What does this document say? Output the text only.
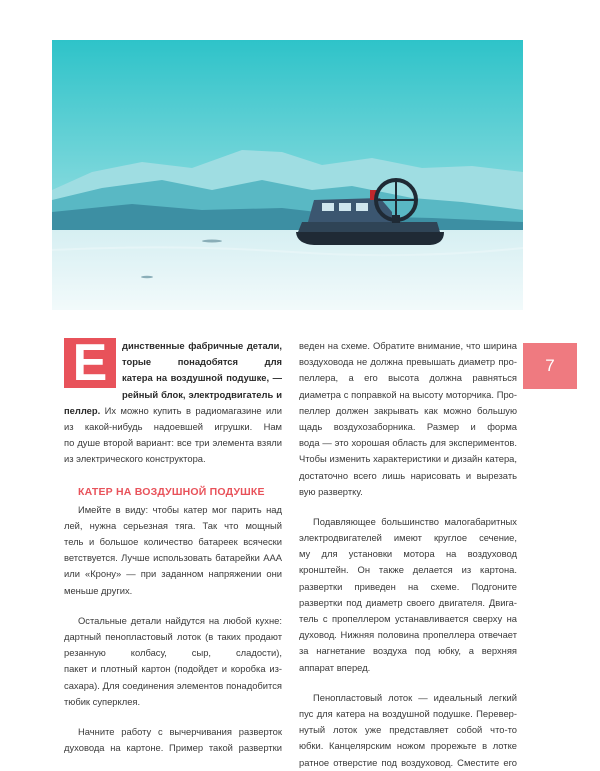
7
Е	динственные фабричные детали,
торые понадобятся для
катера на воздушной подушке, —
рейный блок, электродвигатель и
пеллер. Их можно купить в радиомагазине или
из какой-нибудь надоевшей игрушки. Нам
по душе второй вариант: все три элемента взяли
из электрического конструктора.
КАТЕР НА ВОЗДУШНОЙ ПОДУШКЕ
Имейте в виду: чтобы катер мог парить над
лей, нужна серьезная тяга. Так что мощный
тель и большое количество батареек всячески
ветствуется. Лучше использовать батарейки AAA
или «Крону» — при заданном напряжении они
меньше других.
Остальные детали найдутся на любой кухне:
дартный пенопластовый лоток (в таких продают
резанную колбасу, сыр, сладости),
пакет и плотный картон (подойдет и коробка из-
сахара). Для соединения элементов понадобится
тюбик суперклея.
Начните работу с вычерчивания разверток
духовода на картоне. Пример такой развертки
веден на схеме. Обратите внимание, что ширина
воздуховода не должна превышать диаметр про-
пеллера, а его высота должна равняться
диаметра с поправкой на высоту моторчика. Про-
пеллер должен закрывать как можно большую
щадь воздухозаборника. Размер и форма
вода — это хорошая область для экспериментов.
Чтобы изменить характеристики и дизайн катера,
достаточно всего лишь нарисовать и вырезать
вую развертку.
Подавляющее большинство малогабаритных
электродвигателей имеют круглое сечение,
му для установки мотора на воздуховод
кронштейн. Он также делается из картона.
развертки приведен на схеме. Подгоните
развертки под диаметр своего двигателя. Двига-
тель с пропеллером устанавливается сверху на
духовод. Нижняя половина пропеллера отвечает
за нагнетание воздуха под юбку, а верхняя
аппарат вперед.
Пенопластовый лоток — идеальный легкий
пус для катера на воздушной подушке. Перевер-
нутый лоток уже представляет собой что-то
юбки. Канцелярским ножом прорежьте в лотке
ратное отверстие под воздуховод. Сместите его
